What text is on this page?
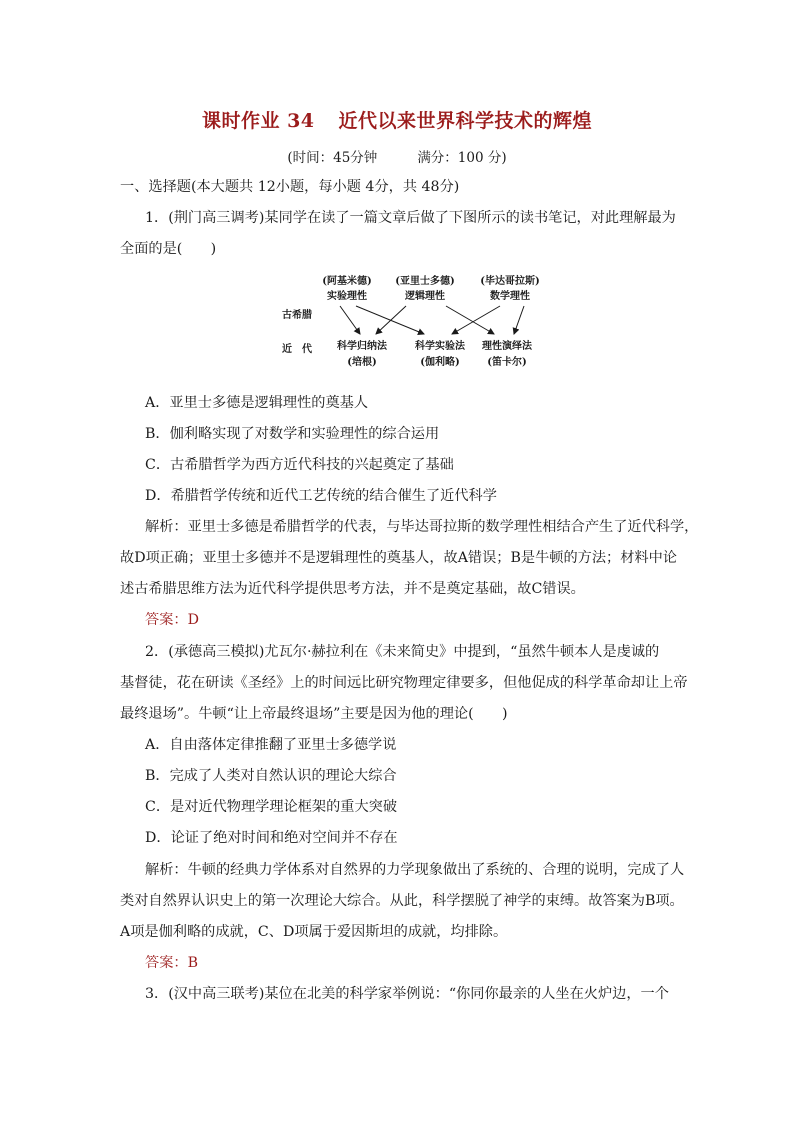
课时作业 34 近代以来世界科学技术的辉煌
(时间：45分钟	满分：100 分)
一、选择题(本大题共 12小题，每小题 4分，共 48分)
1．(荆门高三调考)某同学在读了一篇文章后做了下图所示的读书笔记，对此理解最为
全面的是(　　)
(阿基米德)
实验理性
(亚里士多德)
逻辑理性
(毕达哥拉斯)
数学理性
古希腊
近　代	科学归纳法
(培根)
科学实验法
(伽利略)
理性演绎法
(笛卡尔)
A．亚里士多德是逻辑理性的奠基人
B．伽利略实现了对数学和实验理性的综合运用
C．古希腊哲学为西方近代科技的兴起奠定了基础
D．希腊哲学传统和近代工艺传统的结合催生了近代科学
解析：亚里士多德是希腊哲学的代表，与毕达哥拉斯的数学理性相结合产生了近代科学，
故D项正确；亚里士多德并不是逻辑理性的奠基人，故A错误；B是牛顿的方法；材料中论
述古希腊思维方法为近代科学提供思考方法，并不是奠定基础，故C错误。
答案：D
2．(承德高三模拟)尤瓦尔·赫拉利在《未来简史》中提到，“虽然牛顿本人是虔诚的
基督徒，花在研读《圣经》上的时间远比研究物理定律要多，但他促成的科学革命却让上帝
最终退场”。牛顿“让上帝最终退场”主要是因为他的理论(　　)
A．自由落体定律推翻了亚里士多德学说
B．完成了人类对自然认识的理论大综合
C．是对近代物理学理论框架的重大突破
D．论证了绝对时间和绝对空间并不存在
解析：牛顿的经典力学体系对自然界的力学现象做出了系统的、合理的说明，完成了人
类对自然界认识史上的第一次理论大综合。从此，科学摆脱了神学的束缚。故答案为B项。
A项是伽利略的成就，C、D项属于爱因斯坦的成就，均排除。
答案：B
3．(汉中高三联考)某位在北美的科学家举例说：“你同你最亲的人坐在火炉边，一个
